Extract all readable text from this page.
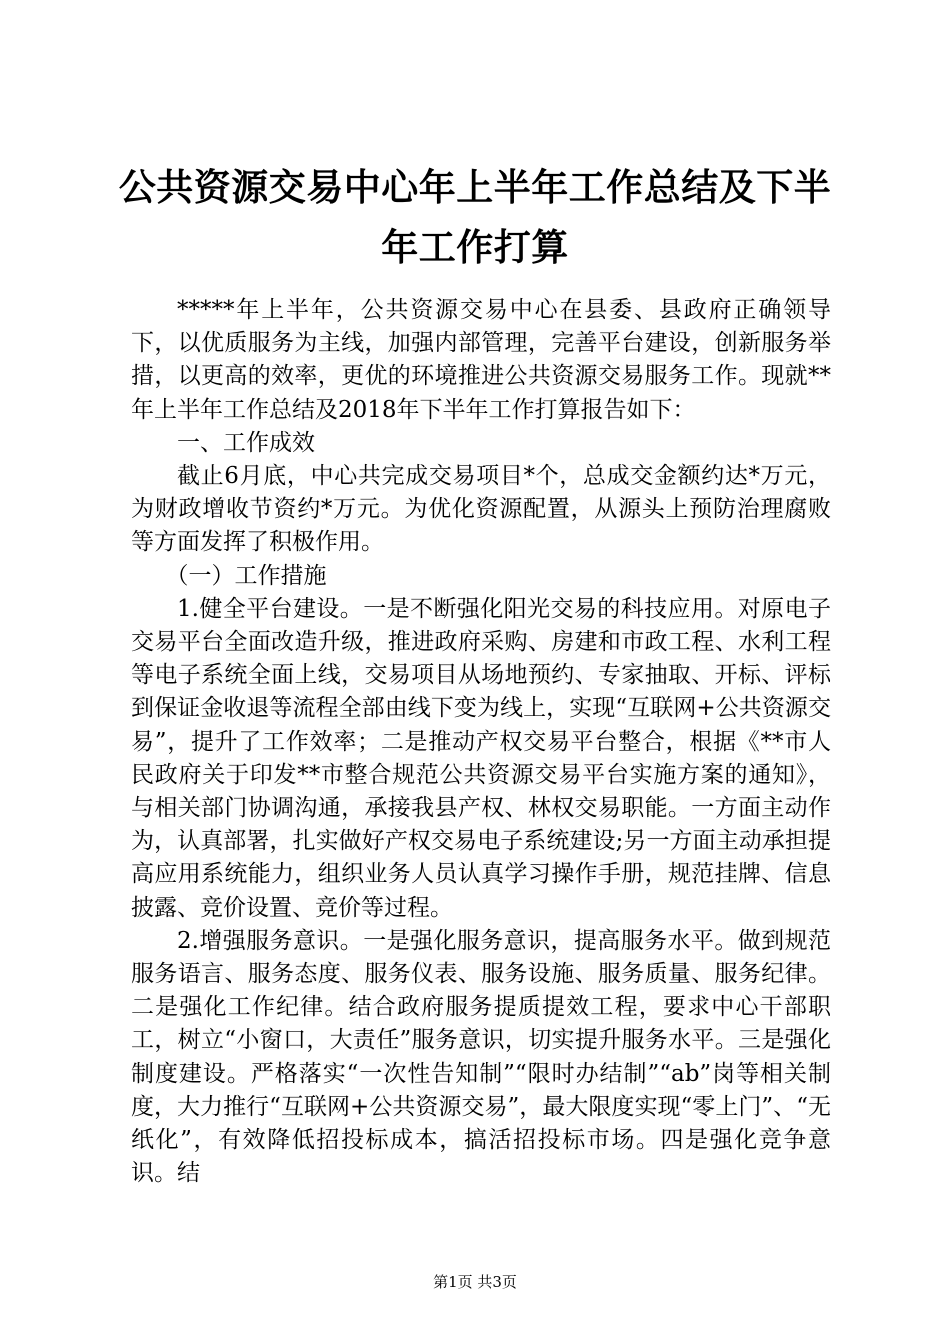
公共资源交易中心年上半年工作总结及下半年工作打算

*****年上半年，公共资源交易中心在县委、县政府正确领导下，以优质服务为主线，加强内部管理，完善平台建设，创新服务举措，以更高的效率，更优的环境推进公共资源交易服务工作。现就**年上半年工作总结及2018年下半年工作打算报告如下：

一、工作成效

截止6月底，中心共完成交易项目*个，总成交金额约达*万元，为财政增收节资约*万元。为优化资源配置，从源头上预防治理腐败等方面发挥了积极作用。

（一）工作措施

1.健全平台建设。一是不断强化阳光交易的科技应用。对原电子交易平台全面改造升级，推进政府采购、房建和市政工程、水利工程等电子系统全面上线，交易项目从场地预约、专家抽取、开标、评标到保证金收退等流程全部由线下变为线上，实现“互联网+公共资源交易”，提升了工作效率；二是推动产权交易平台整合，根据《**市人民政府关于印发**市整合规范公共资源交易平台实施方案的通知》，与相关部门协调沟通，承接我县产权、林权交易职能。一方面主动作为，认真部署，扎实做好产权交易电子系统建设;另一方面主动承担提高应用系统能力，组织业务人员认真学习操作手册，规范挂牌、信息披露、竞价设置、竞价等过程。

2.增强服务意识。一是强化服务意识，提高服务水平。做到规范服务语言、服务态度、服务仪表、服务设施、服务质量、服务纪律。二是强化工作纪律。结合政府服务提质提效工程，要求中心干部职工，树立“小窗口，大责任”服务意识，切实提升服务水平。三是强化制度建设。严格落实“一次性告知制”“限时办结制”“ab”岗等相关制度，大力推行“互联网+公共资源交易”，最大限度实现“零上门”、“无纸化”，有效降低招投标成本，搞活招投标市场。四是强化竞争意识。结

第1页 共3页
